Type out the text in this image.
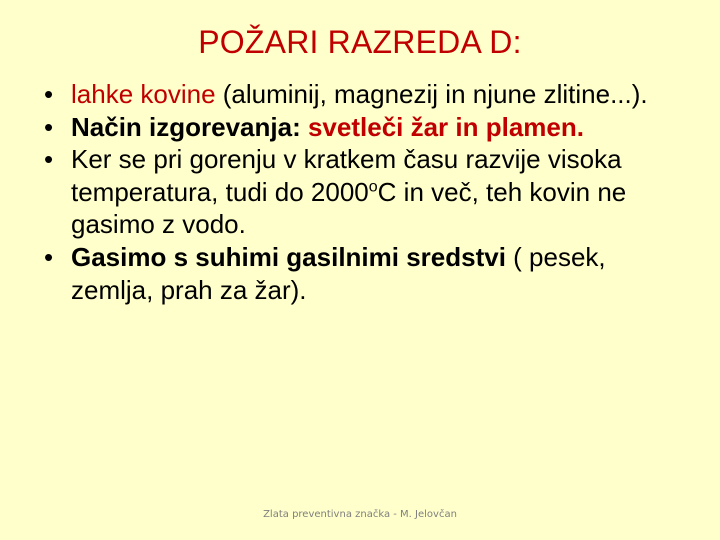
POŽARI RAZREDA D:
• lahke kovine (aluminij, magnezij in njune zlitine...).
• Način izgorevanja: svetleči žar in plamen.
• Ker se pri gorenju v kratkem času razvije visoka temperatura, tudi do 2000$^o$C in več, teh kovin ne gasimo z vodo.
• Gasimo s suhimi gasilnimi sredstvi ( pesek, zemlja, prah za žar).
Zlata preventivna značka - M. Jelovčan
